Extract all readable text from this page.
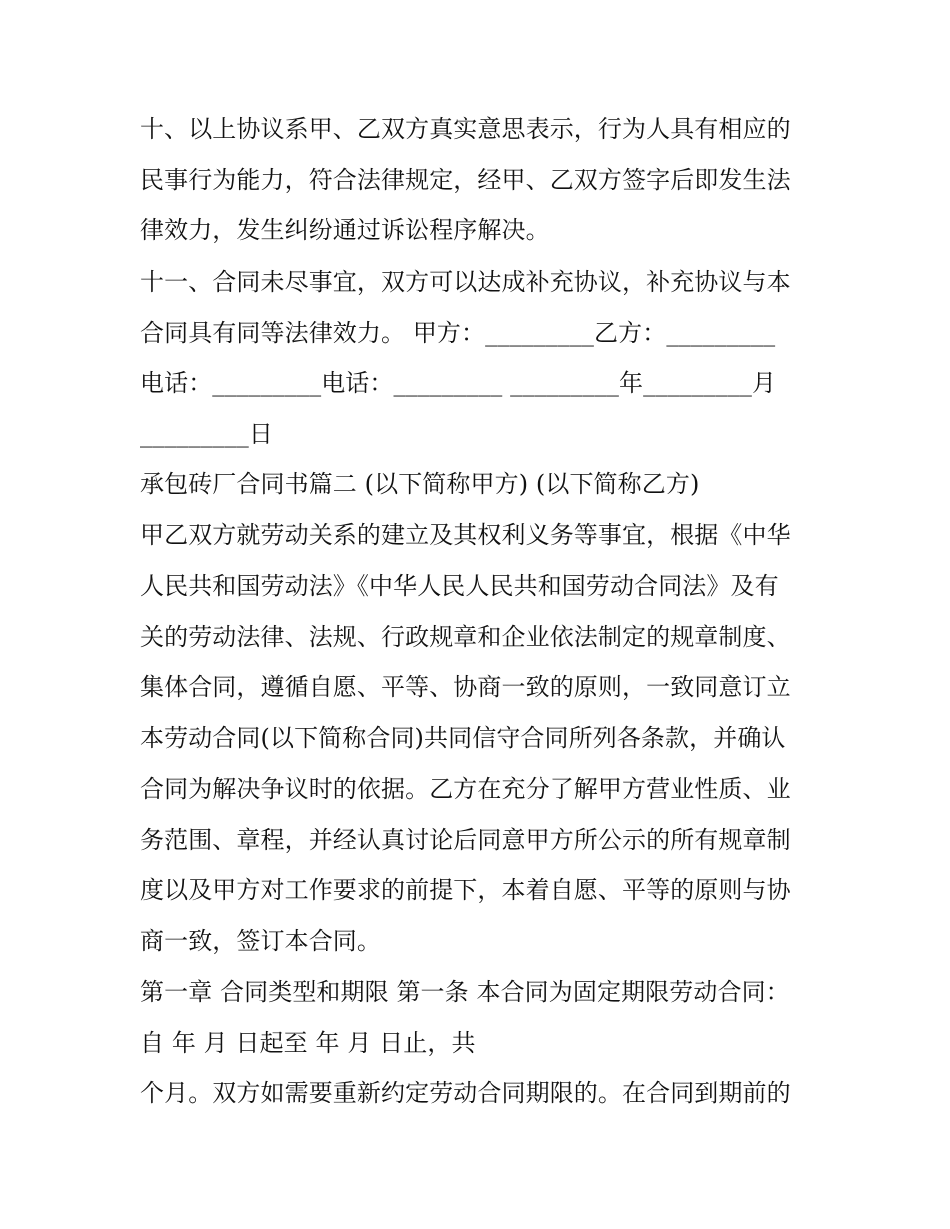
十、以上协议系甲、乙双方真实意思表示，行为人具有相应的
民事行为能力，符合法律规定，经甲、乙双方签字后即发生法
律效力，发生纠纷通过诉讼程序解决。
十一、合同未尽事宜，双方可以达成补充协议，补充协议与本
合同具有同等法律效力。 甲方：_________乙方：_________
电话：_________电话：_________ _________年_________月
_________日
承包砖厂合同书篇二 (以下简称甲方) (以下简称乙方)
甲乙双方就劳动关系的建立及其权利义务等事宜，根据《中华
人民共和国劳动法》《中华人民人民共和国劳动合同法》及有
关的劳动法律、法规、行政规章和企业依法制定的规章制度、
集体合同，遵循自愿、平等、协商一致的原则，一致同意订立
本劳动合同(以下简称合同)共同信守合同所列各条款，并确认
合同为解决争议时的依据。乙方在充分了解甲方营业性质、业
务范围、章程，并经认真讨论后同意甲方所公示的所有规章制
度以及甲方对工作要求的前提下，本着自愿、平等的原则与协
商一致，签订本合同。
第一章 合同类型和期限 第一条 本合同为固定期限劳动合同：
自 年 月 日起至 年 月 日止，共
个月。双方如需要重新约定劳动合同期限的。在合同到期前的
